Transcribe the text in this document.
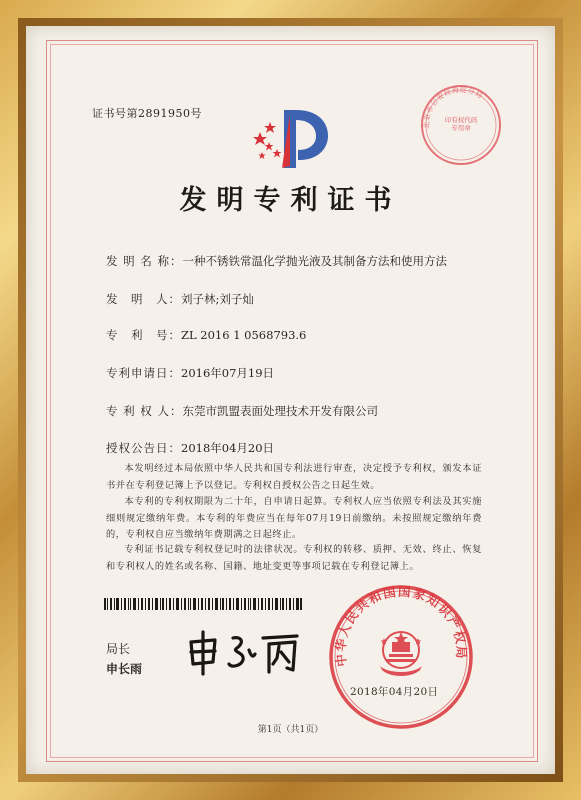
证书号第2891950号
发明专利证书
发 明 名 称：一种不锈铁常温化学抛光液及其制备方法和使用方法
发　明　人：刘子林;刘子灿
专　利　号：ZL 2016 1 0568793.6
专利申请日：2016年07月19日
专 利 权 人：东莞市凯盟表面处理技术开发有限公司
授权公告日：2018年04月20日
本发明经过本局依照中华人民共和国专利法进行审查，决定授予专利权，颁发本证书并在专利登记簿上予以登记。专利权自授权公告之日起生效。
本专利的专利权期限为二十年，自申请日起算。专利权人应当依照专利法及其实施细则规定缴纳年费。本专利的年费应当在每年07月19日前缴纳。未按照规定缴纳年费的，专利权自应当缴纳年费期满之日起终止。
专利证书记载专利权登记时的法律状况。专利权的转移、质押、无效、终止、恢复和专利权人的姓名或名称、国籍、地址变更等事项记载在专利登记簿上。
局长
申长雨
中华人民共和国国家知识产权局
2018年04月20日
北京市公安局海淀分局
印有权代码专用章
第1页（共1页）
